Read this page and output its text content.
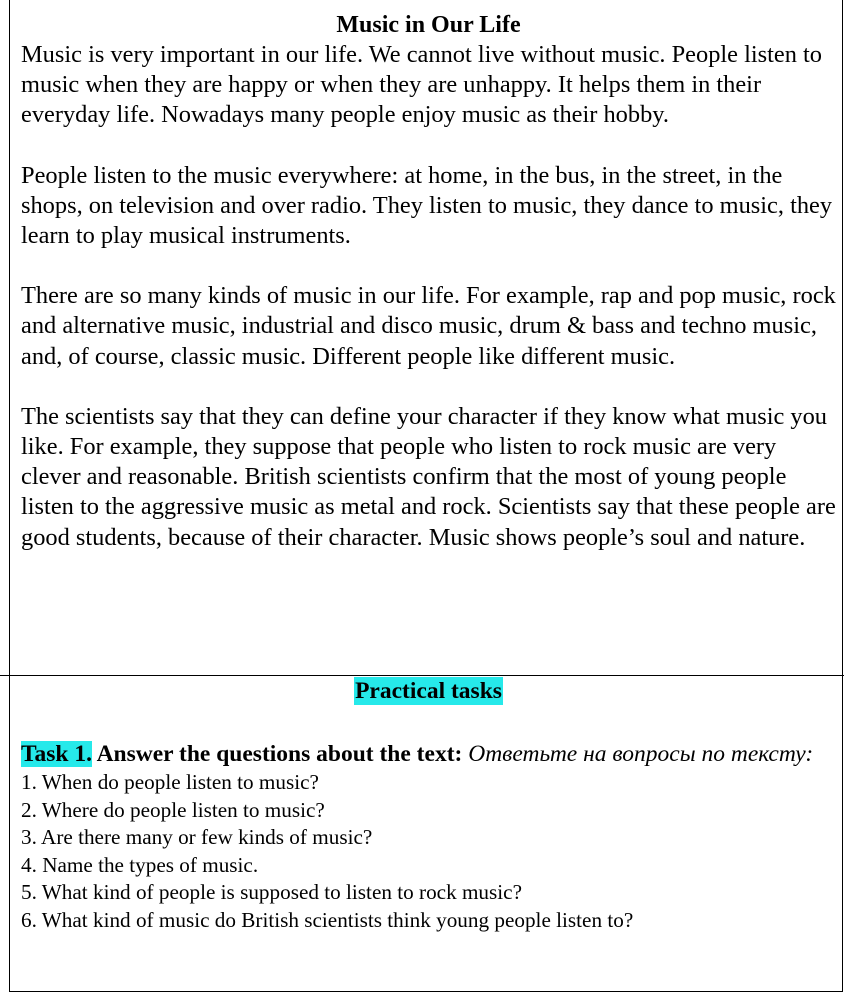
Music in Our Life

Music is very important in our life. We cannot live without music. People listen to music when they are happy or when they are unhappy. It helps them in their everyday life. Nowadays many people enjoy music as their hobby.

People listen to the music everywhere: at home, in the bus, in the street, in the shops, on television and over radio. They listen to music, they dance to music, they learn to play musical instruments.

There are so many kinds of music in our life. For example, rap and pop music, rock and alternative music, industrial and disco music, drum & bass and techno music, and, of course, classic music. Different people like different music.

The scientists say that they can define your character if they know what music you like. For example, they suppose that people who listen to rock music are very clever and reasonable. British scientists confirm that the most of young people listen to the aggressive music as metal and rock. Scientists say that these people are good students, because of their character. Music shows people’s soul and nature.

Practical tasks

Task 1. Answer the questions about the text: Ответьте на вопросы по тексту:

1. When do people listen to music?
2. Where do people listen to music?
3. Are there many or few kinds of music?
4. Name the types of music.
5. What kind of people is supposed to listen to rock music?
6. What kind of music do British scientists think young people listen to?
